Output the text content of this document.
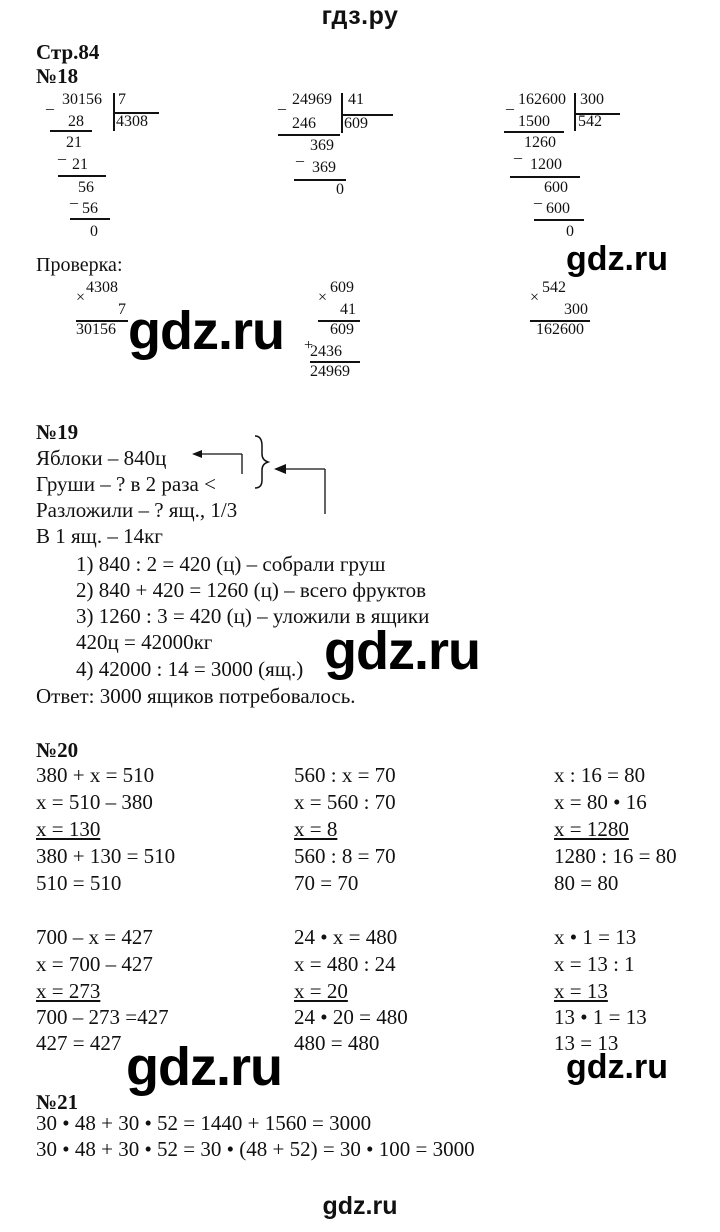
гдз.ру
Стр.84
№18
_ 30156 7
4308
28
21
_
21
56
_
56
0
_ 24969 41
609
246
369
_
369
0
_ 162600 300
542
1500
1260
_
1200
600
_
600
0
Проверка:
×
4308
7
30156
×
609
41
609
+
2436
24969
×
542
300
162600
№19
Яблоки – 840ц
Груши – ? в 2 раза <
Разложили – ? ящ., 1/3
В 1 ящ. – 14кг
1) 840 : 2 = 420 (ц) – собрали груш
2) 840 + 420 = 1260 (ц) – всего фруктов
3) 1260 : 3 = 420 (ц) – уложили в ящики
420ц = 42000кг
4) 42000 : 14 = 3000 (ящ.)
Ответ: 3000 ящиков потребовалось.
№20
380 + x = 510
x = 510 – 380
x = 130
380 + 130 = 510
510 = 510
560 : x = 70
x = 560 : 70
x = 8
560 : 8 = 70
70 = 70
x : 16 = 80
x = 80 • 16
x = 1280
1280 : 16 = 80
80 = 80
700 – x = 427
x = 700 – 427
x = 273
700 – 273 =427
427 = 427
24 • x = 480
x = 480 : 24
x = 20
24 • 20 = 480
480 = 480
x • 1 = 13
x = 13 : 1
x = 13
13 • 1 = 13
13 = 13
№21
30 • 48 + 30 • 52 = 1440 + 1560 = 3000
30 • 48 + 30 • 52 = 30 • (48 + 52) = 30 • 100 = 3000
gdz.ru
gdz.ru
gdz.ru
gdz.ru	gdz.ru
gdz.ru
